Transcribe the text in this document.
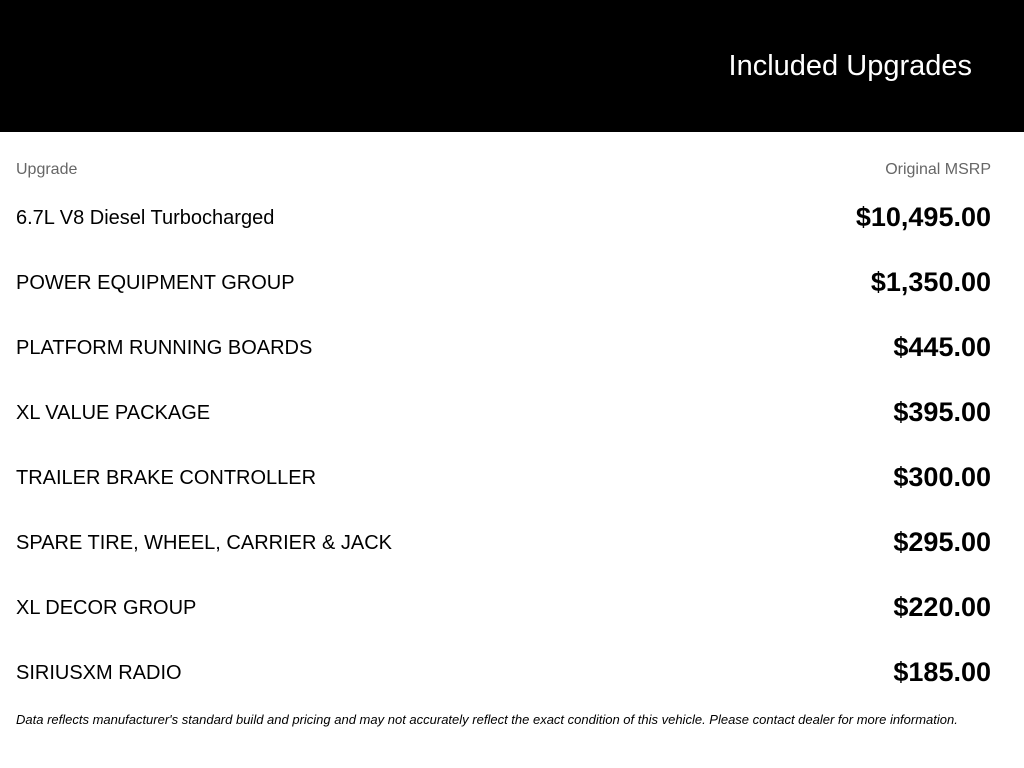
Included Upgrades
Upgrade	Original MSRP
6.7L V8 Diesel Turbocharged	$10,495.00
POWER EQUIPMENT GROUP	$1,350.00
PLATFORM RUNNING BOARDS	$445.00
XL VALUE PACKAGE	$395.00
TRAILER BRAKE CONTROLLER	$300.00
SPARE TIRE, WHEEL, CARRIER & JACK	$295.00
XL DECOR GROUP	$220.00
SIRIUSXM RADIO	$185.00
Data reflects manufacturer's standard build and pricing and may not accurately reflect the exact condition of this vehicle. Please contact dealer for more information.
